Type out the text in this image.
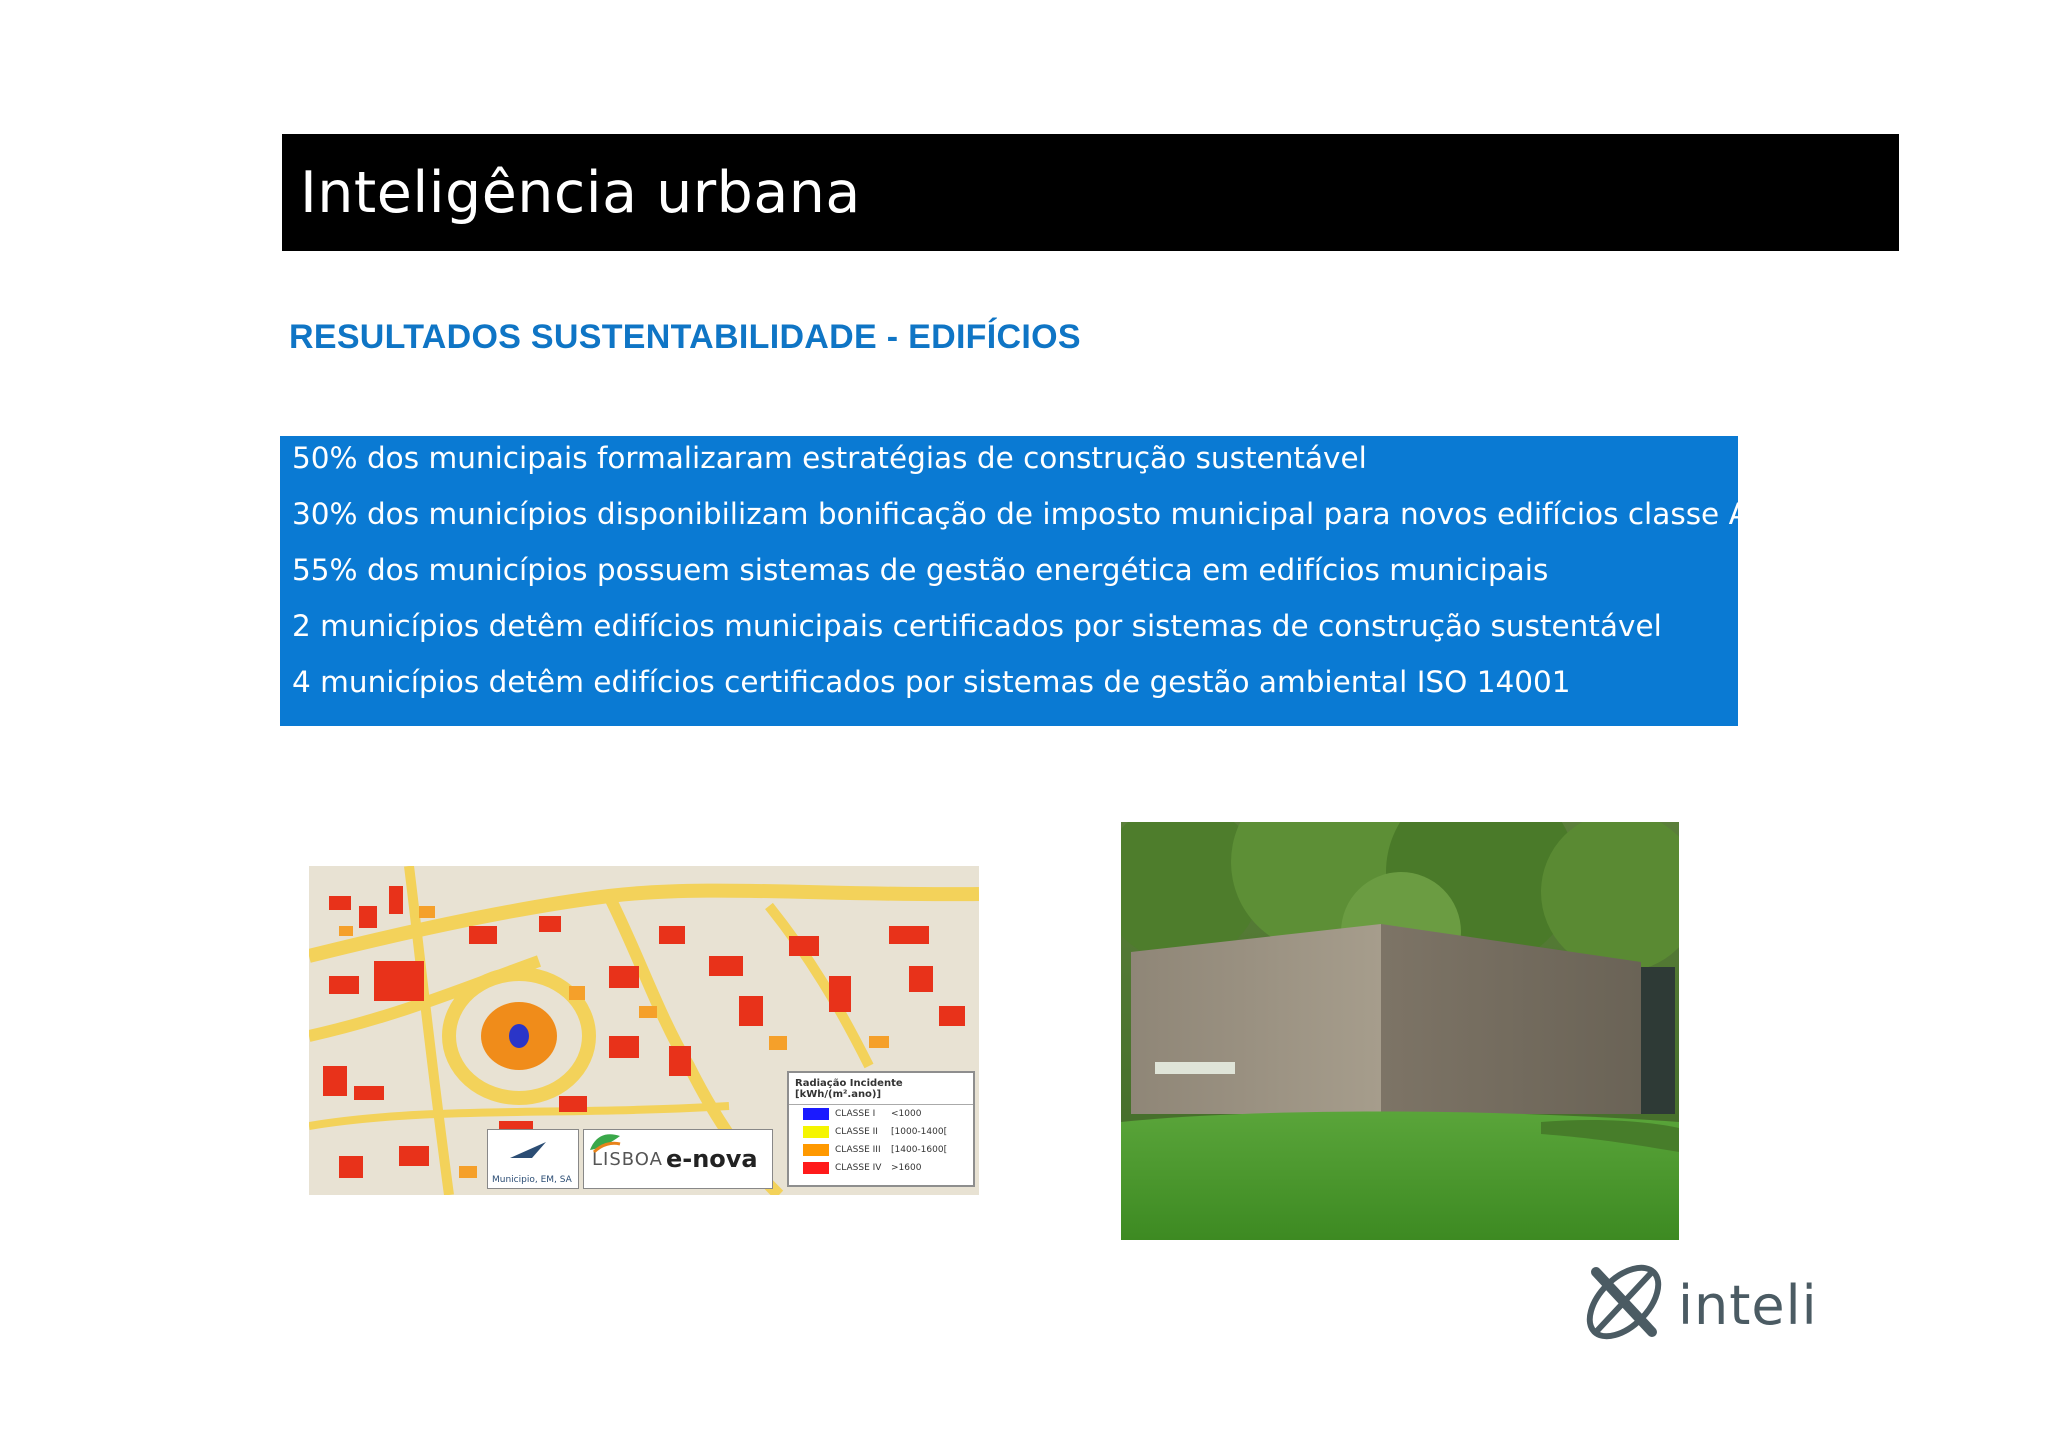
Inteligência urbana
RESULTADOS SUSTENTABILIDADE - EDIFÍCIOS
50% dos municipais formalizaram estratégias de construção sustentável
30% dos municípios disponibilizam bonificação de imposto municipal para novos edifícios classe A e A+
55% dos municípios possuem sistemas de gestão energética em edifícios municipais
2 municípios detêm edifícios municipais certificados por sistemas de construção sustentável
4 municípios detêm edifícios certificados por sistemas de gestão ambiental ISO 14001
Municipio, EM, SA
LISBOA e-nova
Radiação Incidente [kWh/(m².ano)]
CLASSE I	<1000
CLASSE II	[1000-1400[
CLASSE III	[1400-1600[
CLASSE IV	>1600
inteli
